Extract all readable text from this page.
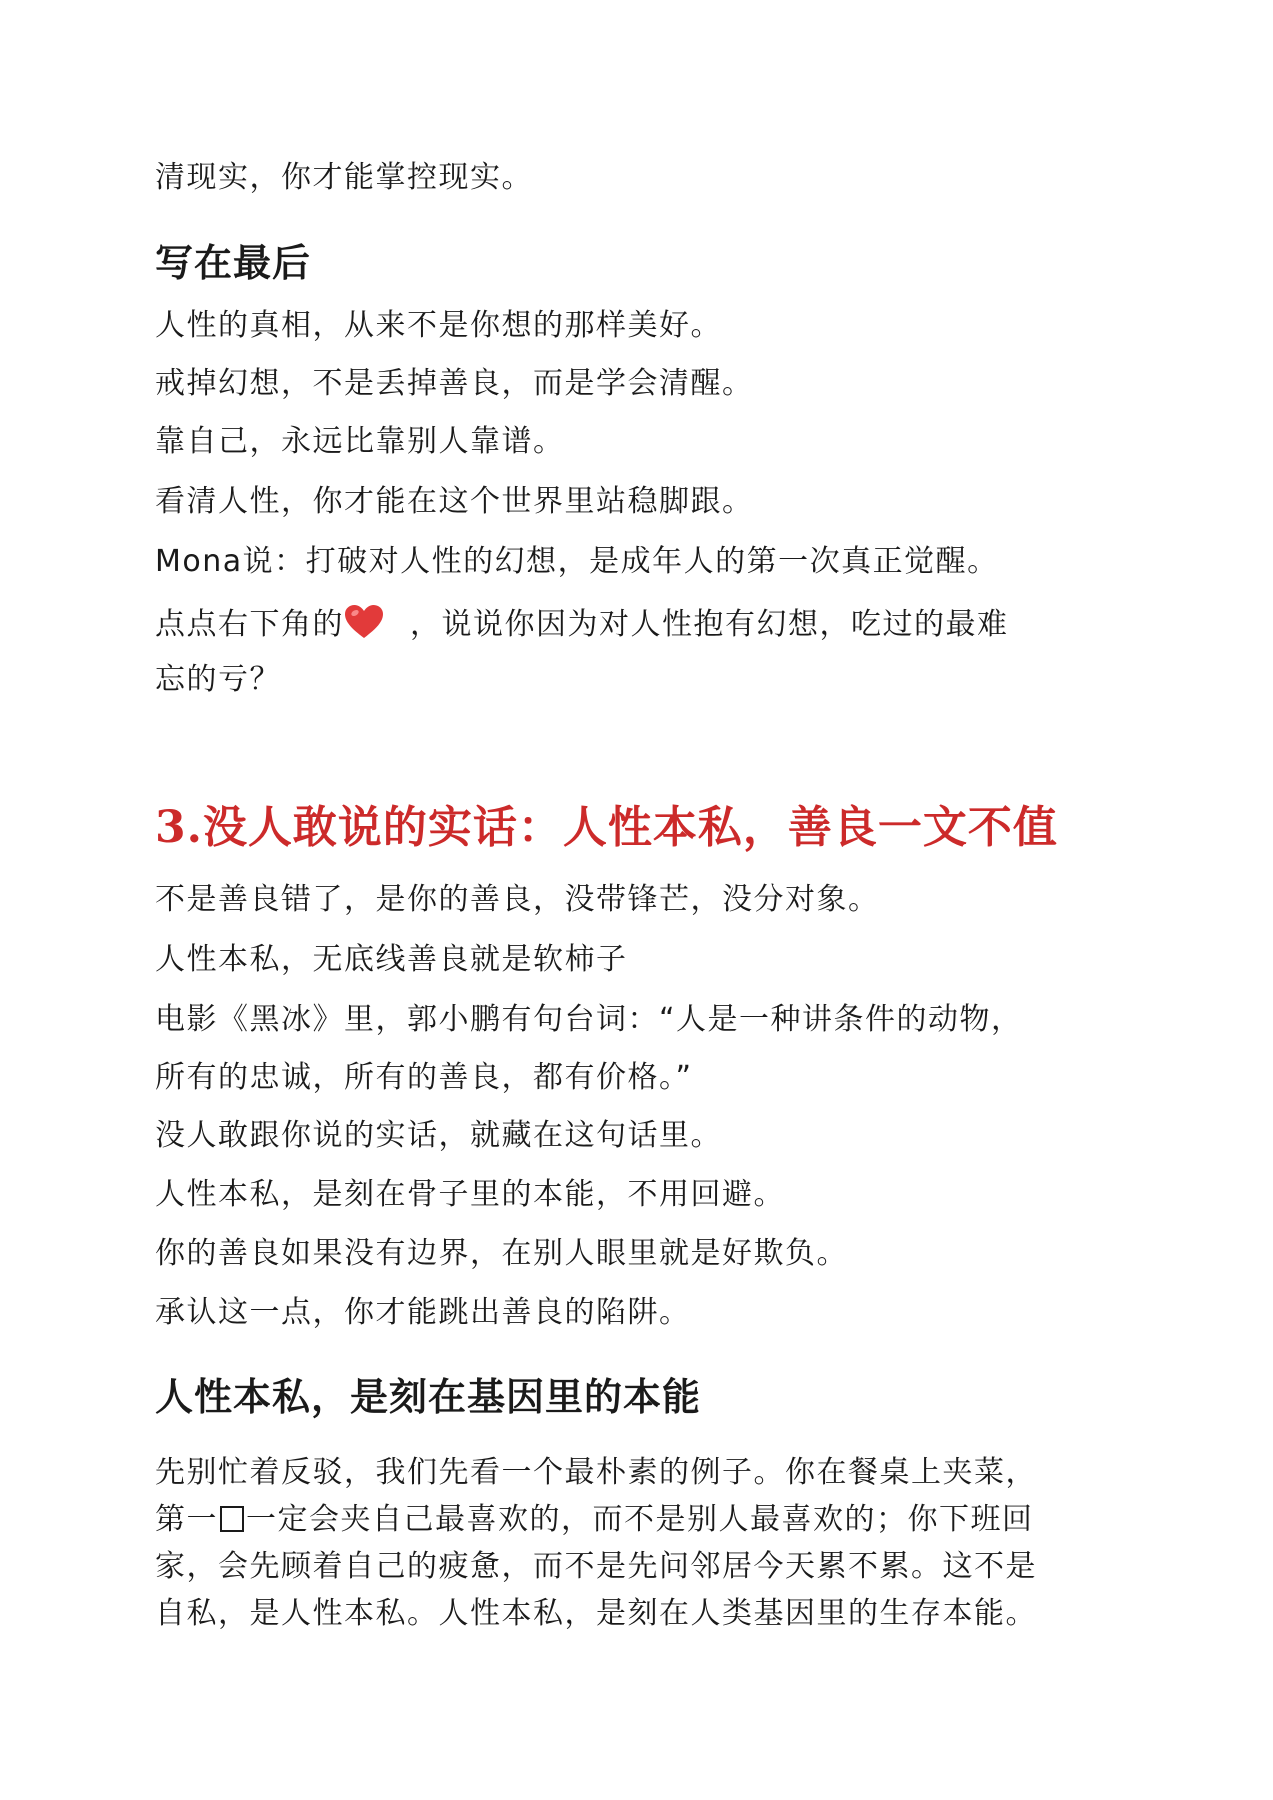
清现实，你才能掌控现实。

写在最后

人性的真相，从来不是你想的那样美好。

戒掉幻想，不是丢掉善良，而是学会清醒。

靠自己，永远比靠别人靠谱。

看清人性，你才能在这个世界里站稳脚跟。

Mona说：打破对人性的幻想，是成年人的第一次真正觉醒。

点点右下角的 ，说说你因为对人性抱有幻想，吃过的最难

忘的亏？

3.没人敢说的实话：人性本私，善良一文不值

不是善良错了，是你的善良，没带锋芒，没分对象。

人性本私，无底线善良就是软柿子

电影《黑冰》里，郭小鹏有句台词：“人是一种讲条件的动物，

所有的忠诚，所有的善良，都有价格。”

没人敢跟你说的实话，就藏在这句话里。

人性本私，是刻在骨子里的本能，不用回避。

你的善良如果没有边界，在别人眼里就是好欺负。

承认这一点，你才能跳出善良的陷阱。

人性本私，是刻在基因里的本能

先别忙着反驳，我们先看一个最朴素的例子。你在餐桌上夹菜，

第一 一定会夹自己最喜欢的，而不是别人最喜欢的；你下班回

家，会先顾着自己的疲惫，而不是先问邻居今天累不累。这不是

自私，是人性本私。人性本私，是刻在人类基因里的生存本能。
